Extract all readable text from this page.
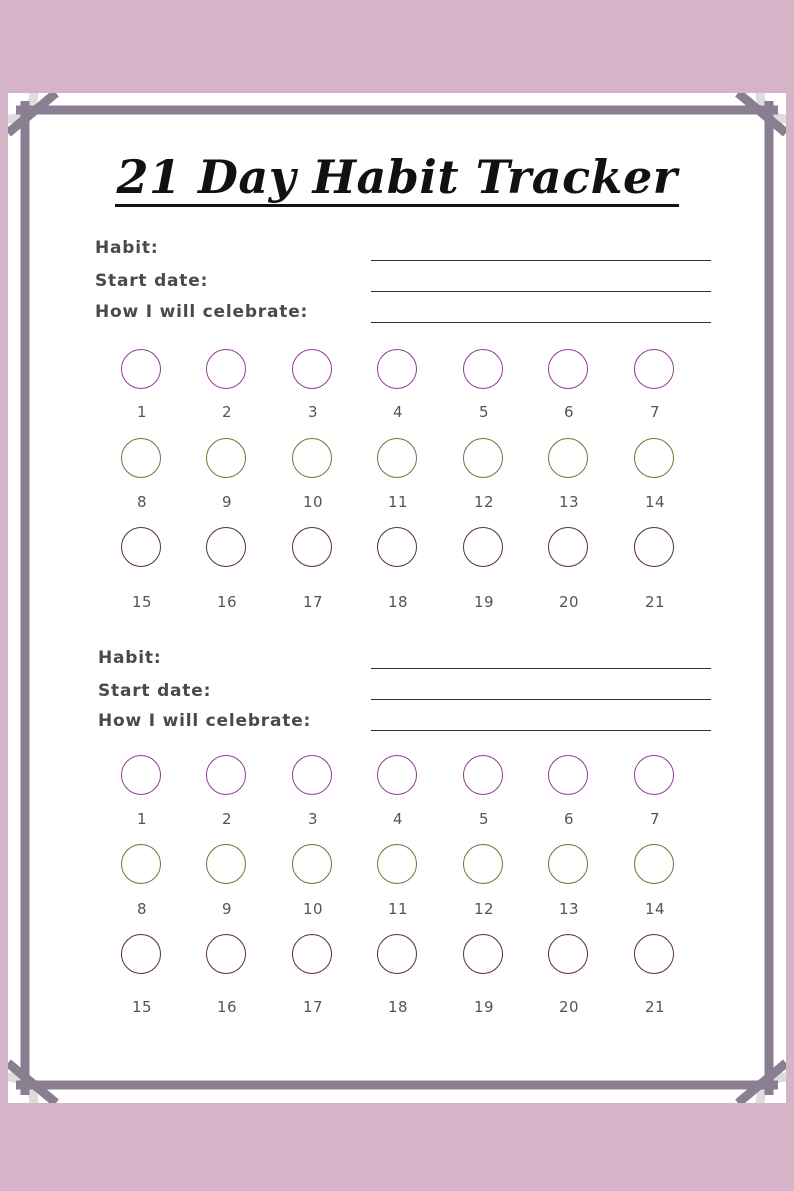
21 Day Habit Tracker
Habit:
Start date:
How I will celebrate:
1	2	3	4	5	6	7
8	9	10	11	12	13	14
15	16	17	18	19	20	21
Habit:
Start date:
How I will celebrate:
1	2	3	4	5	6	7
8	9	10	11	12	13	14
15	16	17	18	19	20	21
